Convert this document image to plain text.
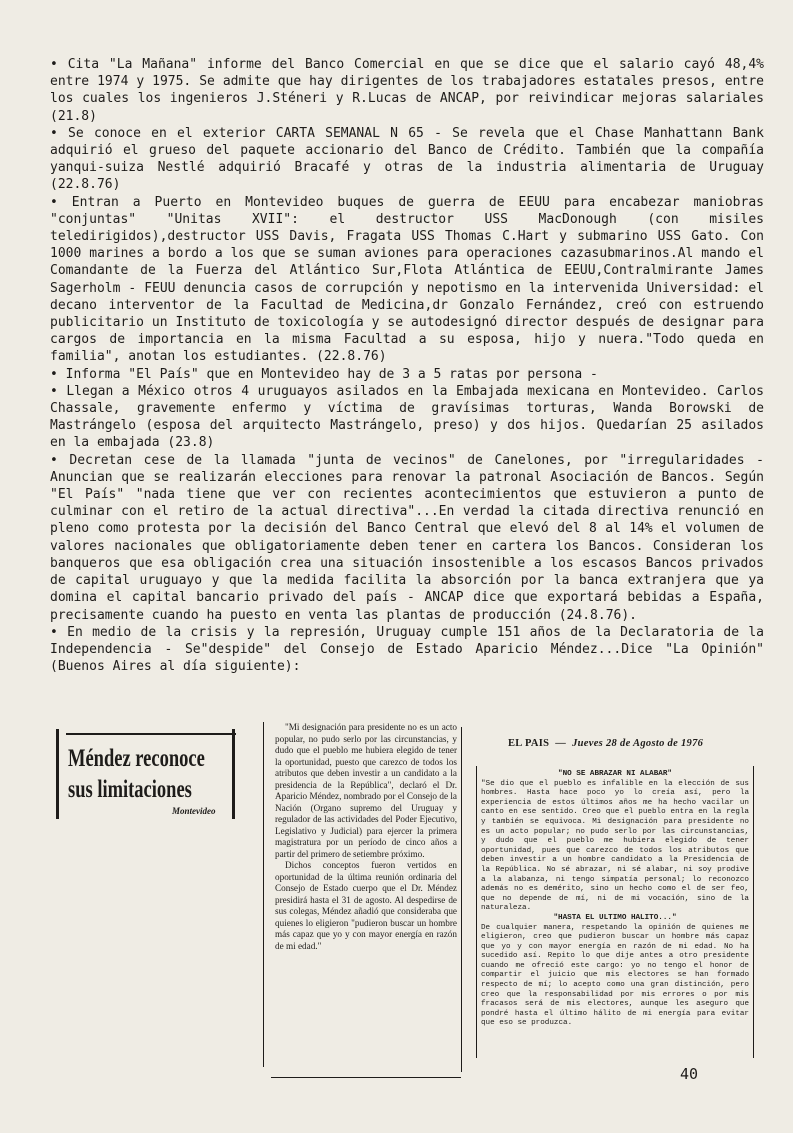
• Cita "La Mañana" informe del Banco Comercial en que se dice que el salario cayó 48,4% entre 1974 y 1975. Se admite que hay dirigentes de los trabajadores estatales presos, entre los cuales los ingenieros J.Sténeri y R.Lucas de ANCAP, por reivindicar mejoras salariales (21.8)

• Se conoce en el exterior CARTA SEMANAL N 65 - Se revela que el Chase Manhattann Bank adquirió el grueso del paquete accionario del Banco de Crédito. También que la compañía yanqui-suiza Nestlé adquirió Bracafé y otras de la industria alimentaria de Uruguay (22.8.76)

• Entran a Puerto en Montevideo buques de guerra de EEUU para encabezar maniobras "conjuntas" "Unitas XVII": el destructor USS MacDonough (con misiles teledirigidos),destructor USS Davis, Fragata USS Thomas C.Hart y submarino USS Gato. Con 1000 marines a bordo a los que se suman aviones para operaciones cazasubmarinos.Al mando el Comandante de la Fuerza del Atlántico Sur,Flota Atlántica de EEUU,Contralmirante James Sagerholm - FEUU denuncia casos de corrupción y nepotismo en la intervenida Universidad: el decano interventor de la Facultad de Medicina,dr Gonzalo Fernández, creó con estruendo publicitario un Instituto de toxicología y se autodesignó director después de designar para cargos de importancia en la misma Facultad a su esposa, hijo y nuera."Todo queda en familia", anotan los estudiantes. (22.8.76)

• Informa "El País" que en Montevideo hay de 3 a 5 ratas por persona -

• Llegan a México otros 4 uruguayos asilados en la Embajada mexicana en Montevideo. Carlos Chassale, gravemente enfermo y víctima de gravísimas torturas, Wanda Borowski de Mastrángelo (esposa del arquitecto Mastrángelo, preso) y dos hijos. Quedarían 25 asilados en la embajada (23.8)

• Decretan cese de la llamada "junta de vecinos" de Canelones, por "irregularidades - Anuncian que se realizarán elecciones para renovar la patronal Asociación de Bancos. Según "El País" "nada tiene que ver con recientes acontecimientos que estuvieron a punto de culminar con el retiro de la actual directiva"...En verdad la citada directiva renunció en pleno como protesta por la decisión del Banco Central que elevó del 8 al 14% el volumen de valores nacionales que obligatoriamente deben tener en cartera los Bancos. Consideran los banqueros que esa obligación crea una situación insostenible a los escasos Bancos privados de capital uruguayo y que la medida facilita la absorción por la banca extranjera que ya domina el capital bancario privado del país - ANCAP dice que exportará bebidas a España, precisamente cuando ha puesto en venta las plantas de producción (24.8.76).

• En medio de la crisis y la represión, Uruguay cumple 151 años de la Declaratoria de la Independencia - Se"despide" del Consejo de Estado Aparicio Méndez...Dice "La Opinión" (Buenos Aires al día siguiente):

Méndez reconoce
sus limitaciones
Montevideo

"Mi designación para presidente no es un acto popular, no pudo serlo por las circunstancias, y dudo que el pueblo me hubiera elegido de tener la oportunidad, puesto que carezco de todos los atributos que deben investir a un candidato a la presidencia de la República", declaró el Dr. Aparicio Méndez, nombrado por el Consejo de la Nación (Organo supremo del Uruguay y regulador de las actividades del Poder Ejecutivo, Legislativo y Judicial) para ejercer la primera magistratura por un período de cinco años a partir del primero de setiembre próximo.

Dichos conceptos fueron vertidos en oportunidad de la última reunión ordinaria del Consejo de Estado cuerpo que el Dr. Méndez presidirá hasta el 31 de agosto. Al despedirse de sus colegas, Méndez añadió que consideraba que quienes lo eligieron "pudieron buscar un hombre más capaz que yo y con mayor energía en razón de mi edad."

EL PAIS — Jueves 28 de Agosto de 1976

"NO SE ABRAZAR NI ALABAR"

"Se dio que el pueblo es infalible en la elección de sus hombres. Hasta hace poco yo lo creía así, pero la experiencia de estos últimos años me ha hecho vacilar un canto en ese sentido. Creo que el pueblo entra en la regla y también se equivoca. Mi designación para presidente no es un acto popular; no pudo serlo por las circunstancias, y dudo que el pueblo me hubiera elegido de tener oportunidad, pues que carezco de todos los atributos que deben investir a un hombre candidato a la Presidencia de la República. No sé abrazar, ni sé alabar, ni soy prodive a la alabanza, ni tengo simpatía personal; lo reconozco además no es demérito, sino un hecho como el de ser feo, que no depende de mí, ni de mi vocación, sino de la naturaleza.

"HASTA EL ULTIMO HALITO..."

De cualquier manera, respetando la opinión de quienes me eligieron, creo que pudieron buscar un hombre más capaz que yo y con mayor energía en razón de mi edad. No ha sucedido así. Repito lo que dije antes a otro presidente cuando me ofreció este cargo: yo no tengo el honor de compartir el juicio que mis electores se han formado respecto de mí; lo acepto como una gran distinción, pero creo que la responsabilidad por mis errores o por mis fracasos será de mis electores, aunque les aseguro que pondré hasta el último hálito de mi energía para evitar que eso se produzca.

40
